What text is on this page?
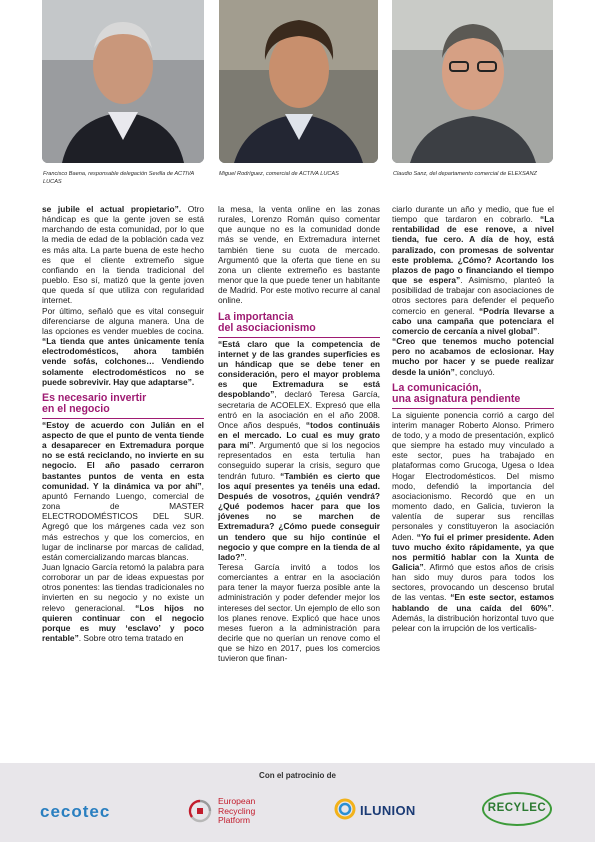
Francisco Baena, responsable delegación Sevilla de ACTIVA LUCAS
Miguel Rodríguez, comercial de ACTIVA LUCAS	Claudio Sanz, del departamento comercial de ELEXSANZ

se jubile el actual propietario”. Otro hándicap es que la gente joven se está marchando de esta comunidad, por lo que la media de edad de la población cada vez es más alta. La parte buena de este hecho es que el cliente extremeño sigue confiando en la tienda tradicional del pueblo. Eso sí, matizó que la gente joven que queda sí que utiliza con regularidad internet.

Por último, señaló que es vital conseguir diferenciarse de alguna manera. Una de las opciones es vender muebles de cocina. “La tienda que antes únicamente tenía electrodomésticos, ahora también vende sofás, colchones… Vendiendo solamente electrodomésticos no se puede sobrevivir. Hay que adaptarse”.

Es necesario invertir
en el negocio

“Estoy de acuerdo con Julián en el aspecto de que el punto de venta tiende a desaparecer en Extremadura porque no se está reciclando, no invierte en su negocio. El año pasado cerraron bastantes puntos de venta en esta comunidad. Y la dinámica va por ahí”, apuntó Fernando Luengo, comercial de zona de MASTER ELECTRODOMÉSTICOS DEL SUR. Agregó que los márgenes cada vez son más estrechos y que los comercios, en lugar de inclinarse por marcas de calidad, están comercializando marcas blancas.

Juan Ignacio García retomó la palabra para corroborar un par de ideas expuestas por otros ponentes: las tiendas tradicionales no invierten en su negocio y no existe un relevo generacional. “Los hijos no quieren continuar con el negocio porque es muy ‘esclavo’ y poco rentable”. Sobre otro tema tratado en

la mesa, la venta online en las zonas rurales, Lorenzo Román quiso comentar que aunque no es la comunidad donde más se vende, en Extremadura internet también tiene su cuota de mercado. Argumentó que la oferta que tiene en su zona un cliente extremeño es bastante menor que la que puede tener un habitante de Madrid. Por este motivo recurre al canal online.

La importancia
del asociacionismo

“Está claro que la competencia de internet y de las grandes superficies es un hándicap que se debe tener en consideración, pero el mayor problema es que Extremadura se está despoblando”, declaró Teresa García, secretaria de ACOELEX. Expresó que ella entró en la asociación en el año 2008. Once años después, “todos continuáis en el mercado. Lo cual es muy grato para mí”. Argumentó que si los negocios representados en esta tertulia han conseguido superar la crisis, seguro que tendrán futuro. “También es cierto que los aquí presentes ya tenéis una edad. Después de vosotros, ¿quién vendrá? ¿Qué podemos hacer para que los jóvenes no se marchen de Extremadura? ¿Cómo puede conseguir un tendero que su hijo continúe el negocio y que compre en la tienda de al lado?”.

Teresa García invitó a todos los comerciantes a entrar en la asociación para tener la mayor fuerza posible ante la administración y poder defender mejor los intereses del sector. Un ejemplo de ello son los planes renove. Explicó que hace unos meses fueron a la administración para decirle que no querían un renove como el que se hizo en 2017, pues los comercios tuvieron que finan-

ciarlo durante un año y medio, que fue el tiempo que tardaron en cobrarlo. “La rentabilidad de ese renove, a nivel tienda, fue cero. A día de hoy, está paralizado, con promesas de solventar este problema. ¿Cómo? Acortando los plazos de pago o financiando el tiempo que se espera”. Asimismo, planteó la posibilidad de trabajar con asociaciones de otros sectores para defender el pequeño comercio en general. “Podría llevarse a cabo una campaña que potenciara el comercio de cercanía a nivel global”.

“Creo que tenemos mucho potencial pero no acabamos de eclosionar. Hay mucho por hacer y se puede realizar desde la unión”, concluyó.

La comunicación,
una asignatura pendiente

La siguiente ponencia corrió a cargo del interim manager Roberto Alonso. Primero de todo, y a modo de presentación, explicó que siempre ha estado muy vinculado a este sector, pues ha trabajado en plataformas como Grucoga, Ugesa o Idea Hogar Electrodomésticos. Del mismo modo, defendió la importancia del asociacionismo. Recordó que en un momento dado, en Galicia, tuvieron la valentía de superar sus rencillas personales y constituyeron la asociación Aden. “Yo fui el primer presidente. Aden tuvo mucho éxito rápidamente, ya que nos permitió hablar con la Xunta de Galicia”. Afirmó que estos años de crisis han sido muy duros para todos los sectores, provocando un descenso brutal de las ventas. “En este sector, estamos hablando de una caída del 60%”. Además, la distribución horizontal tuvo que pelear con la irrupción de los verticalis-

Con el patrocinio de
cecotec
European
Recycling
Platform
ILUNION	RECYLEC
